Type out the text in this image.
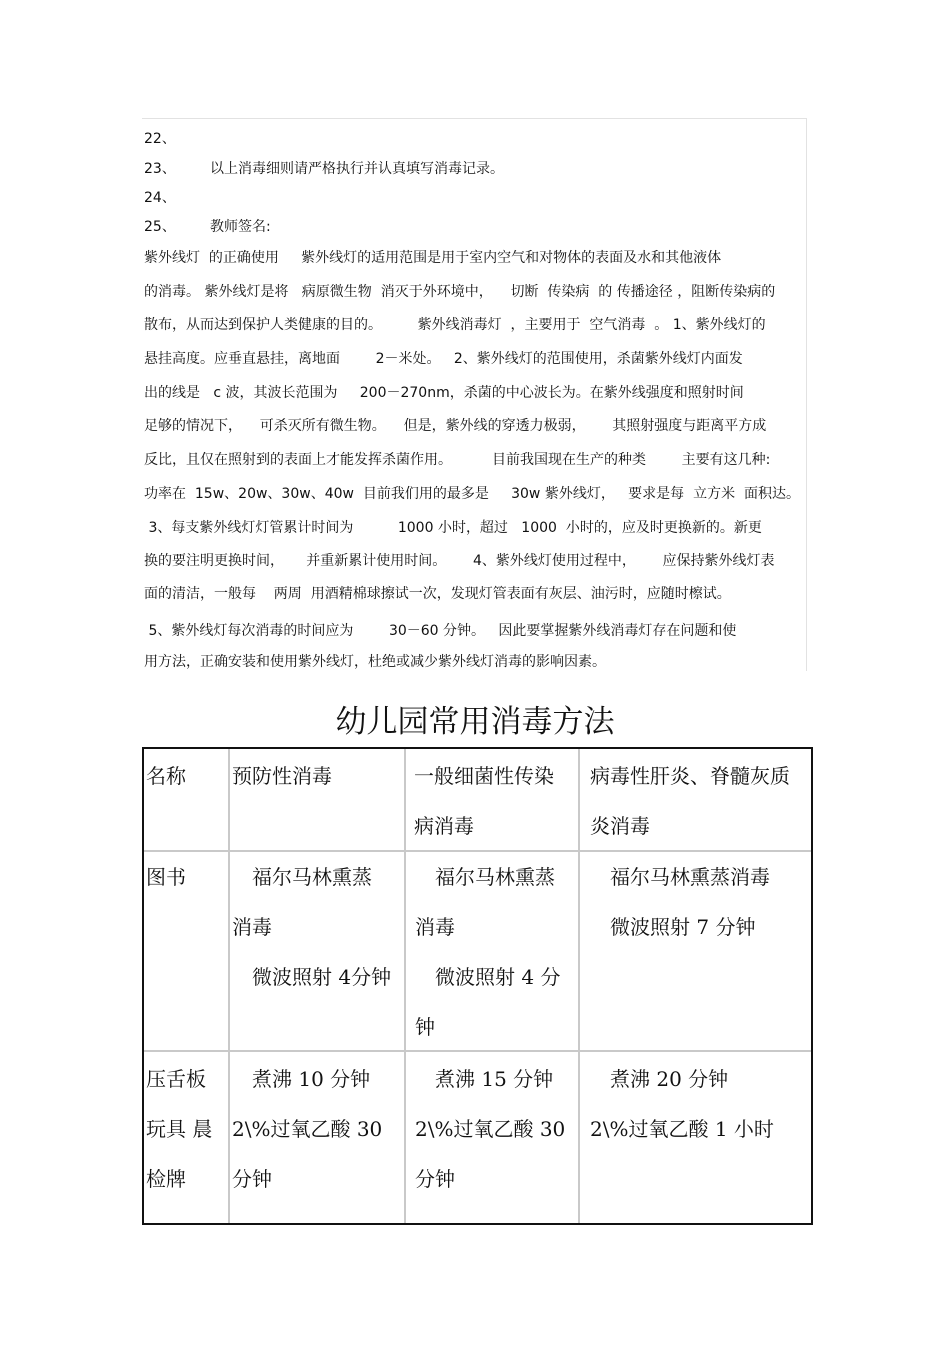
22、
23、 以上消毒细则请严格执行并认真填写消毒记录。
24、
25、 教师签名:
紫外线灯  的正确使用     紫外线灯的适用范围是用于室内空气和对物体的表面及水和其他液体
的消毒。 紫外线灯是将   病原微生物  消灭于外环境中，    切断  传染病  的 传播途径 ，阻断传染病的
散布，从而达到保护人类健康的目的。        紫外线消毒灯  ，主要用于  空气消毒  。 1、紫外线灯的
悬挂高度。应垂直悬挂，离地面        2－米处。   2、紫外线灯的范围使用，杀菌紫外线灯内面发
出的线是   c 波，其波长范围为     200－270nm，杀菌的中心波长为。在紫外线强度和照射时间
足够的情况下，    可杀灭所有微生物。    但是，紫外线的穿透力极弱，      其照射强度与距离平方成
反比，且仅在照射到的表面上才能发挥杀菌作用。         目前我国现在生产的种类        主要有这几种:
功率在  15w、20w、30w、40w  目前我们用的最多是     30w 紫外线灯，   要求是每  立方米  面积达。
3、每支紫外线灯灯管累计时间为          1000 小时，超过   1000  小时的，应及时更换新的。新更
换的要注明更换时间，     并重新累计使用时间。      4、紫外线灯使用过程中，      应保持紫外线灯表
面的清洁，一般每    两周  用酒精棉球擦试一次，发现灯管表面有灰层、油污时，应随时檫试。
5、紫外线灯每次消毒的时间应为        30－60 分钟。   因此要掌握紫外线消毒灯存在问题和使
用方法，正确安装和使用紫外线灯，杜绝或减少紫外线灯消毒的影响因素。
幼儿园常用消毒方法
名称 预防性消毒	一般细菌性传染
病消毒
病毒性肝炎、脊髓灰质
炎消毒
图书	福尔马林熏蒸
消毒
微波照射 4分钟
福尔马林熏蒸
消毒
微波照射 4 分
钟
福尔马林熏蒸消毒
微波照射 7 分钟
压舌板
玩具 晨
检牌
煮沸 10 分钟
2\%过氧乙酸 30
分钟
煮沸 15 分钟
2\%过氧乙酸 30
分钟
煮沸 20 分钟
2\%过氧乙酸 1 小时
